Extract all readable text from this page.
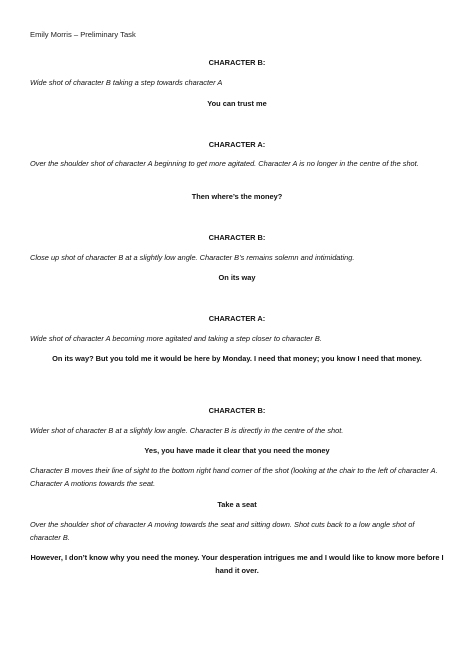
Emily Morris – Preliminary Task
CHARACTER B:
Wide shot of character B taking a step towards character A
You can trust me
CHARACTER A:
Over the shoulder shot of character A beginning to get more agitated. Character A is no longer in the centre of the shot.
Then where’s the money?
CHARACTER B:
Close up shot of character B at a slightly low angle. Character B’s remains solemn and intimidating.
On its way
CHARACTER A:
Wide shot of character A becoming more agitated and taking a step closer to character B.
On its way? But you told me it would be here by Monday. I need that money; you know I need that money.
CHARACTER B:
Wider shot of character B at a slightly low angle. Character B is directly in the centre of the shot.
Yes, you have made it clear that you need the money
Character B moves their line of sight to the bottom right hand corner of the shot (looking at the chair to the left of character A. Character A motions towards the seat.
Take a seat
Over the shoulder shot of character A moving towards the seat and sitting down. Shot cuts back to a low angle shot of character B.
However, I don’t know why you need the money. Your desperation intrigues me and I would like to know more before I hand it over.
